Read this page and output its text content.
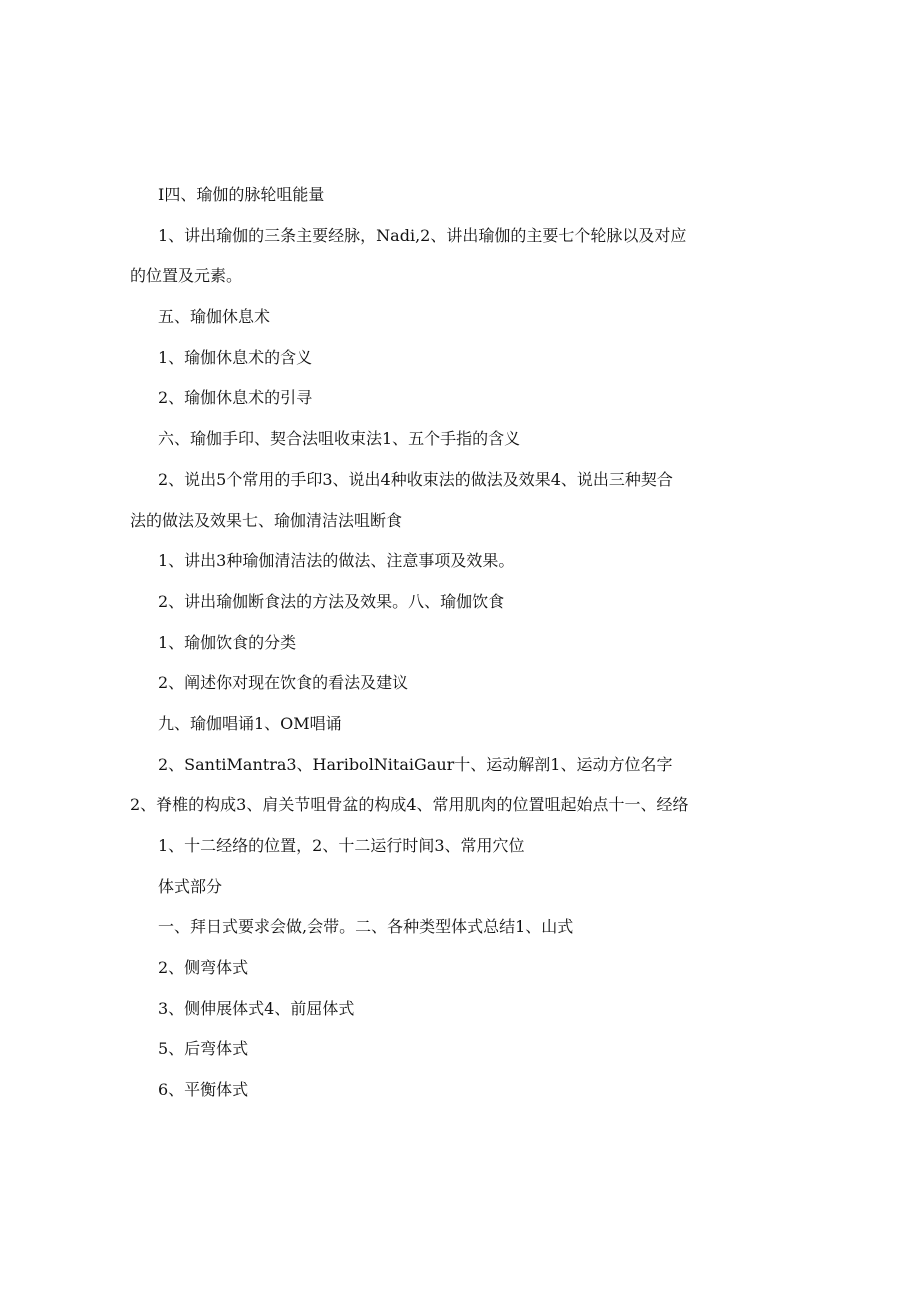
I四、瑜伽的脉轮咀能量
1、讲出瑜伽的三条主要经脉，Nadi,2、讲出瑜伽的主要七个轮脉以及对应
的位置及元素。
五、瑜伽休息术
1、瑜伽休息术的含义
2、瑜伽休息术的引寻
六、瑜伽手印、契合法咀收束法1、五个手指的含义
2、说出5个常用的手印3、说出4种收束法的做法及效果4、说出三种契合
法的做法及效果七、瑜伽清洁法咀断食
1、讲出3种瑜伽清洁法的做法、注意事项及效果。
2、讲出瑜伽断食法的方法及效果。八、瑜伽饮食
1、瑜伽饮食的分类
2、阐述你对现在饮食的看法及建议
九、瑜伽唱诵1、OM唱诵
2、SantiMantra3、HaribolNitaiGaur十、运动解剖1、运动方位名字
2、脊椎的构成3、肩关节咀骨盆的构成4、常用肌肉的位置咀起始点十一、经络
1、十二经络的位置，2、十二运行时间3、常用穴位
体式部分
一、拜日式要求会做,会带。二、各种类型体式总结1、山式
2、侧弯体式
3、侧伸展体式4、前屈体式
5、后弯体式
6、平衡体式
